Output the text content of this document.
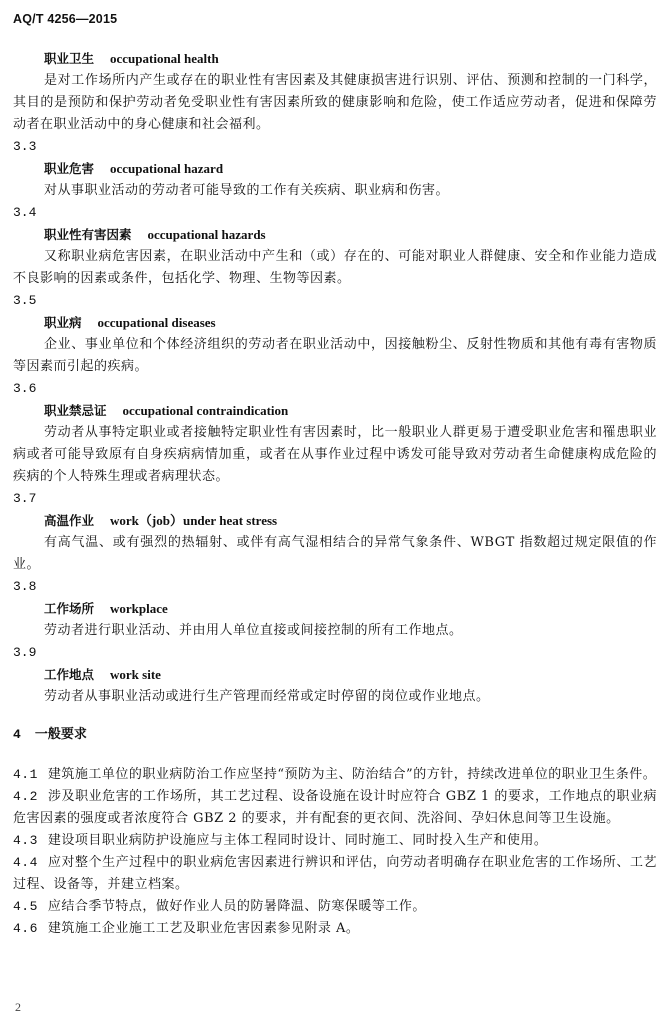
AQ/T 4256—2015
职业卫生 occupational health
是对工作场所内产生或存在的职业性有害因素及其健康损害进行识别、评估、预测和控制的一门科学，其目的是预防和保护劳动者免受职业性有害因素所致的健康影响和危险，使工作适应劳动者，促进和保障劳动者在职业活动中的身心健康和社会福利。
3.3
职业危害 occupational hazard
对从事职业活动的劳动者可能导致的工作有关疾病、职业病和伤害。
3.4
职业性有害因素 occupational hazards
又称职业病危害因素，在职业活动中产生和（或）存在的、可能对职业人群健康、安全和作业能力造成不良影响的因素或条件，包括化学、物理、生物等因素。
3.5
职业病 occupational diseases
企业、事业单位和个体经济组织的劳动者在职业活动中，因接触粉尘、反射性物质和其他有毒有害物质等因素而引起的疾病。
3.6
职业禁忌证 occupational contraindication
劳动者从事特定职业或者接触特定职业性有害因素时，比一般职业人群更易于遭受职业危害和罹患职业病或者可能导致原有自身疾病病情加重，或者在从事作业过程中诱发可能导致对劳动者生命健康构成危险的疾病的个人特殊生理或者病理状态。
3.7
高温作业 work（job）under heat stress
有高气温、或有强烈的热辐射、或伴有高气湿相结合的异常气象条件、WBGT 指数超过规定限值的作业。
3.8
工作场所 workplace
劳动者进行职业活动、并由用人单位直接或间接控制的所有工作地点。
3.9
工作地点 work site
劳动者从事职业活动或进行生产管理而经常或定时停留的岗位或作业地点。
4 一般要求
4.1 建筑施工单位的职业病防治工作应坚持“预防为主、防治结合”的方针，持续改进单位的职业卫生条件。
4.2 涉及职业危害的工作场所，其工艺过程、设备设施在设计时应符合 GBZ 1 的要求，工作地点的职业病危害因素的强度或者浓度符合 GBZ 2 的要求，并有配套的更衣间、洗浴间、孕妇休息间等卫生设施。
4.3 建设项目职业病防护设施应与主体工程同时设计、同时施工、同时投入生产和使用。
4.4 应对整个生产过程中的职业病危害因素进行辨识和评估，向劳动者明确存在职业危害的工作场所、工艺过程、设备等，并建立档案。
4.5 应结合季节特点，做好作业人员的防暑降温、防寒保暖等工作。
4.6 建筑施工企业施工工艺及职业危害因素参见附录 A。
2
